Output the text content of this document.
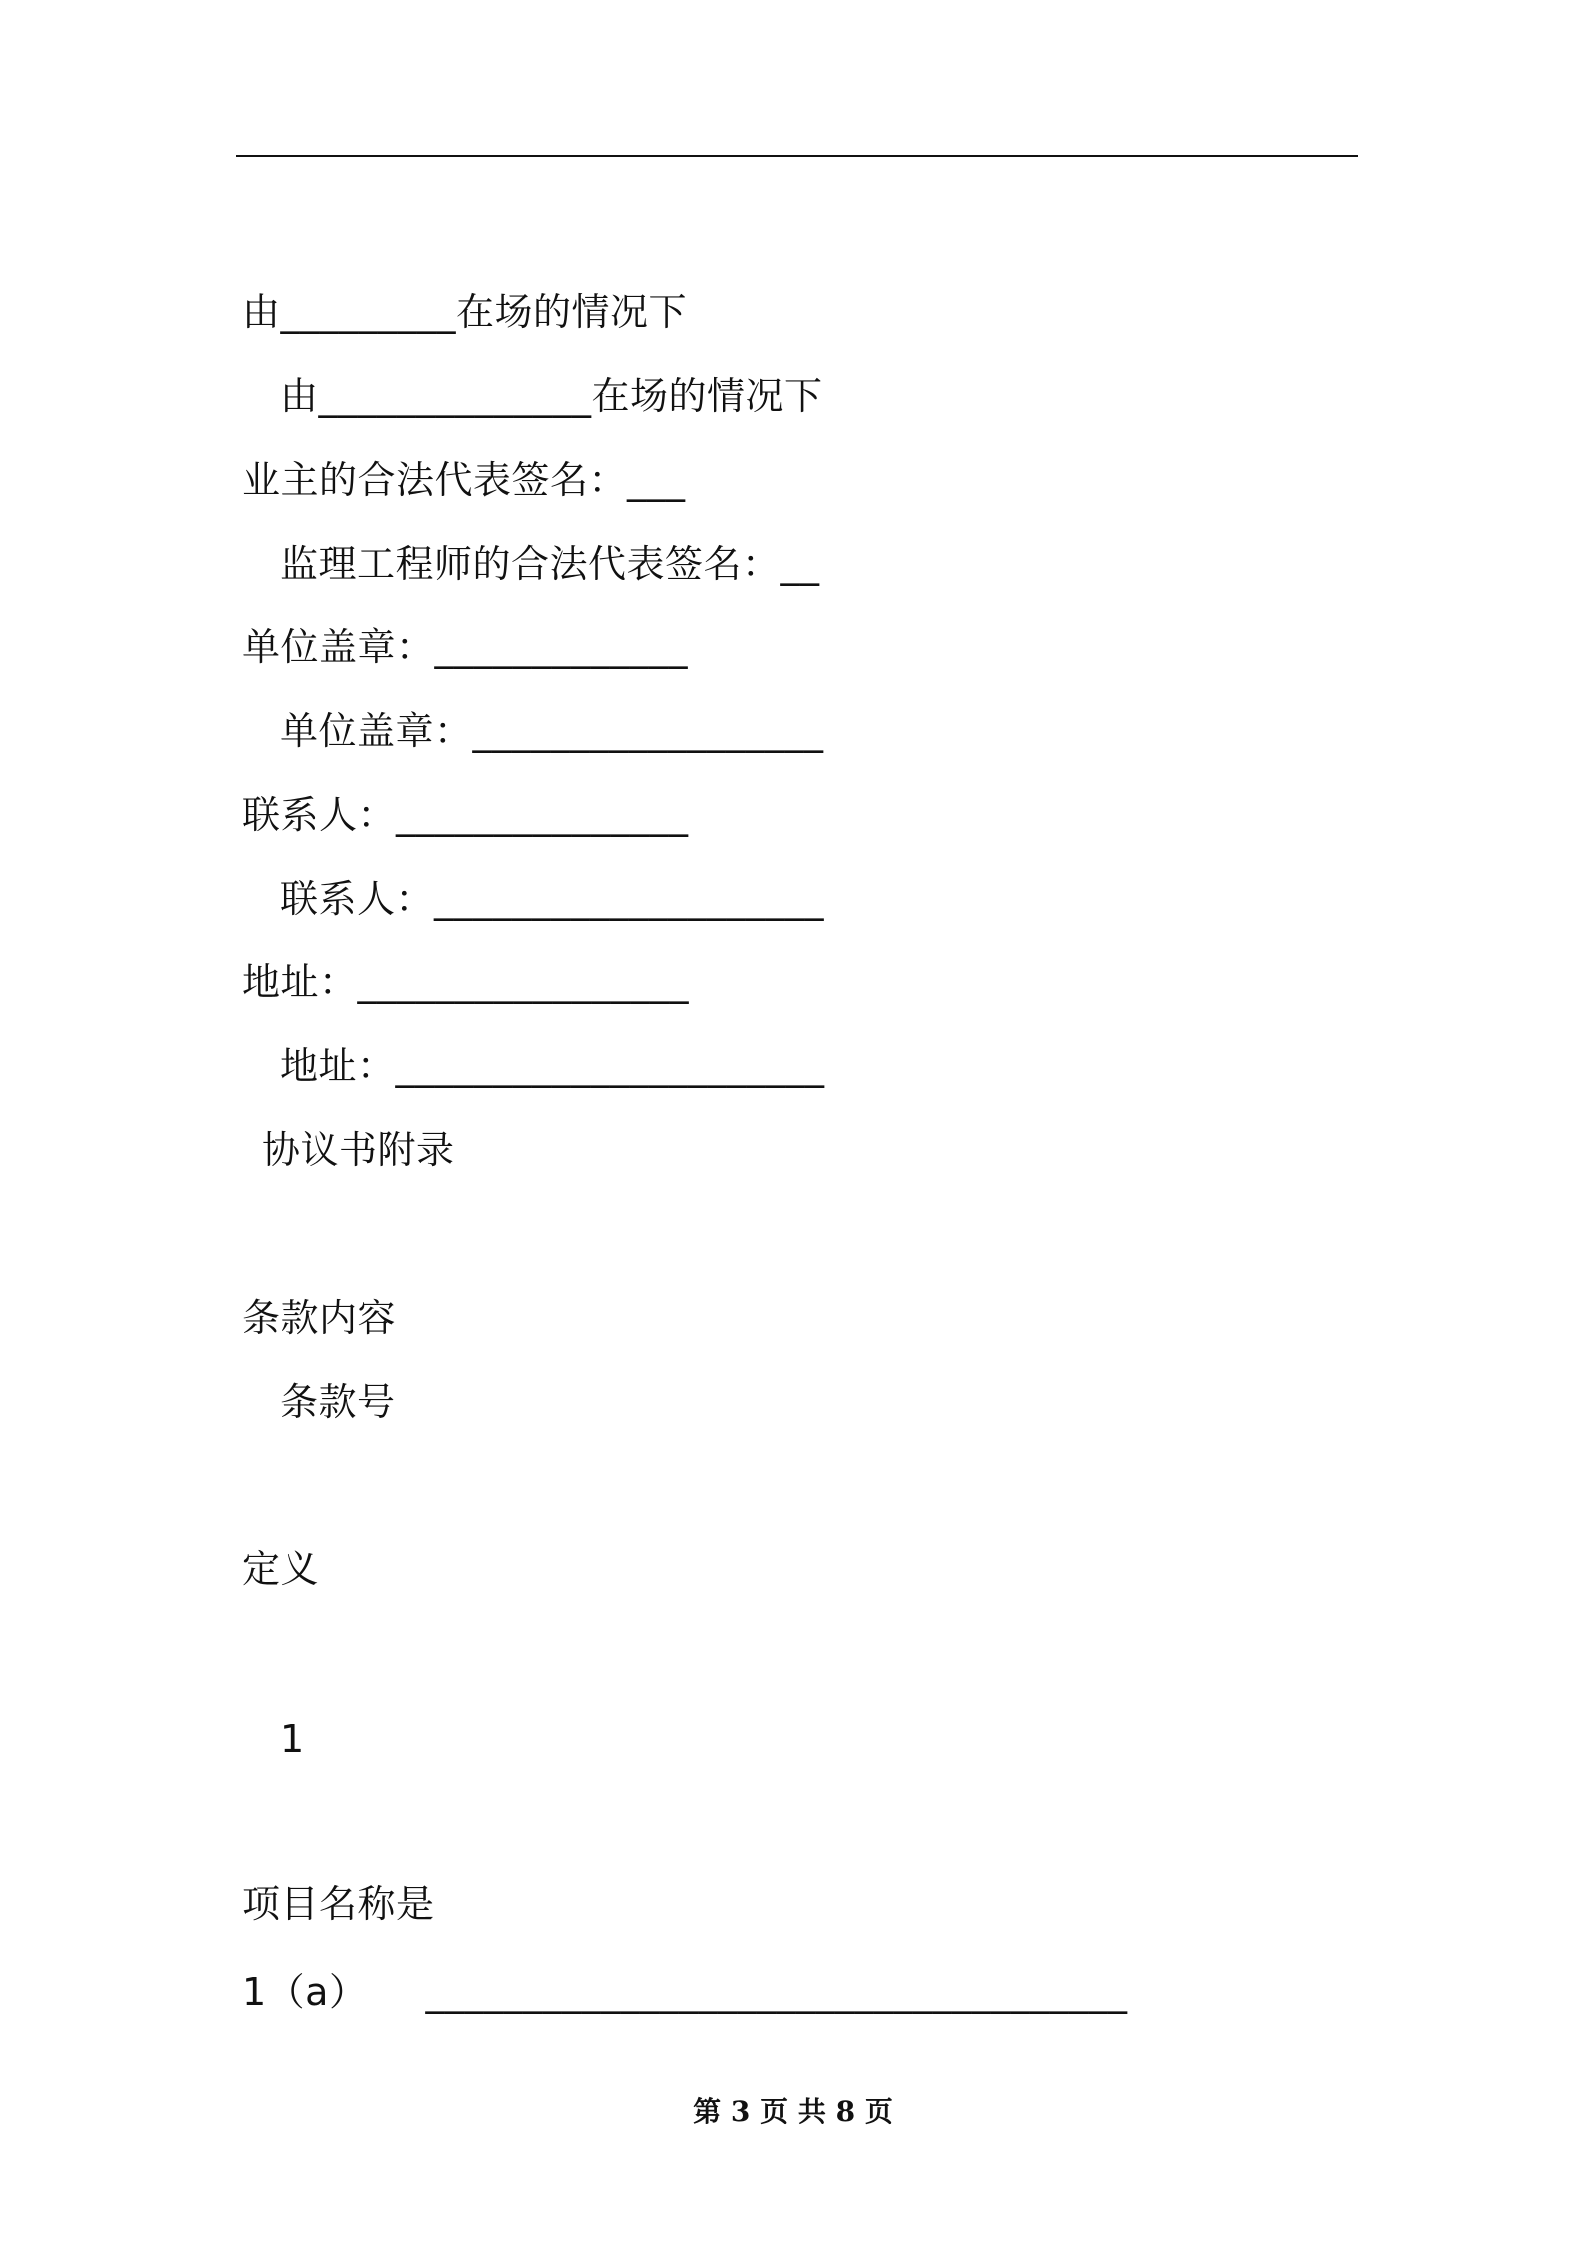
由_________在场的情况下
由______________在场的情况下
业主的合法代表签名：___
监理工程师的合法代表签名：__
单位盖章：_____________
单位盖章：__________________
联系人：_______________
联系人：____________________
地址：_________________
地址：______________________
协议书附录
条款内容
条款号
定义
1
项目名称是
1（a）　　____________________________________
第 3 页 共 8 页
